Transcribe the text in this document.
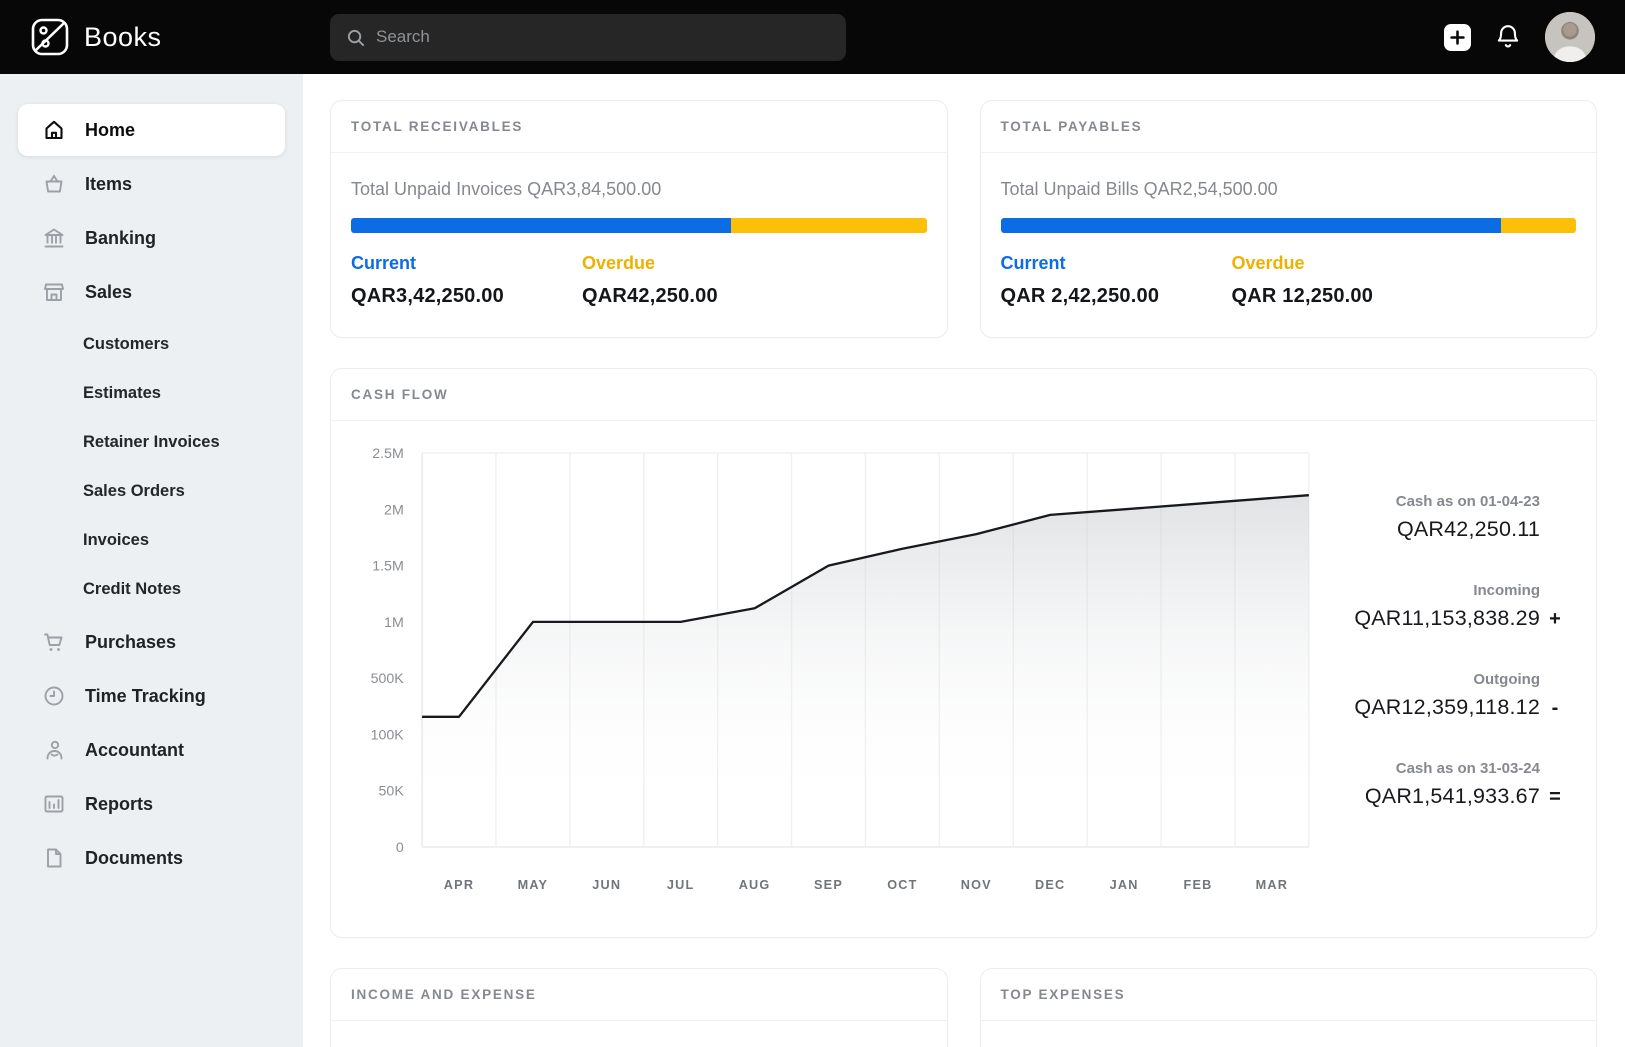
Books
Search
Home
Items
Banking
Sales
Customers
Estimates
Retainer Invoices
Sales Orders
Invoices
Credit Notes
Purchases
Time Tracking
Accountant
Reports
Documents
TOTAL RECEIVABLES
Total Unpaid Invoices QAR3,84,500.00
Current
QAR3,42,250.00
Overdue
QAR42,250.00
TOTAL PAYABLES
Total Unpaid Bills QAR2,54,500.00
Current
QAR 2,42,250.00
Overdue
QAR 12,250.00
CASH FLOW
0
50K
100K
500K
1M
1.5M
2M
2.5M
APR	MAY	JUN	JUL	AUG	SEP	OCT	NOV	DEC	JAN	FEB	MAR
Cash as on 01-04-23
QAR42,250.11
Incoming
QAR11,153,838.29 +
Outgoing
QAR12,359,118.12 -
Cash as on 31-03-24
QAR1,541,933.67 =
INCOME AND EXPENSE	TOP EXPENSES
